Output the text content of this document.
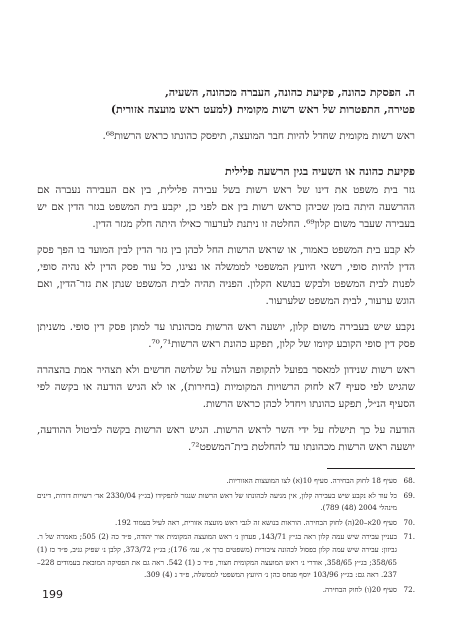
ה. הפסקת כהונה, פקיעת כהונה, העברה מכהונה, השעיה,
פטירה, התפטרות של ראש רשות מקומית (למעט ראש מועצה אזורית)

ראש רשות מקומית שחדל להיות חבר המועצה, תיפסק כהונתו כראש הרשות⁶⁸.

פקיעת כהונה או השעיה בגין הרשעה פלילית

גזר בית משפט את דינו של ראש רשות בשל עבירה פלילית, בין אם העבירה נעברה אם ההרשעה היתה בזמן שכיהן כראש רשות בין אם לפני כן, יקבע בית המשפט בגזר הדין אם יש בעבירה שעבר משום קלון⁶⁹. החלטה זו ניתנת לערעור כאילו היתה חלק מגזר הדין.

לא קבע בית המשפט כאמור, או שראש הרשות החל לכהן בין גזר הדין לבין המועד בו הפך פסק הדין להיות סופי, רשאי היועץ המשפטי לממשלה או נציגו, כל עוד פסק הדין לא נהיה סופי, לפנות לבית המשפט ולבקש בנושא הקלון. הפניה תהיה לבית המשפט שנתן את גזר־הדין, ואם הוגש ערעור, לבית המשפט שלערעור.

נקבע שיש בעבירה משום קלון, יושעה ראש הרשות מכהונתו עד למתן פסק דין סופי. משניתן פסק דין סופי הקובע קיומו של קלון, תפקע כהונת ראש הרשות⁷⁰,⁷¹.

ראש רשות שנידון למאסר בפועל לתקופה העולה על שלושה חדשים ולא תצהיר אמת בהצהרה שהגיש לפי סעיף 7א לחוק הרשויות המקומיות (בחירות), או לא הגיש הודעה או בקשה לפי הסעיף הנ״ל, תפקע כהונתו ויחדל לכהן כראש הרשות.

הודעה על כך תישלח על ידי השר לראש הרשות. הגיש ראש הרשות בקשה לביטול ההודעה, יושעה ראש הרשות מכהונתו עד להחלטת בית־המשפט⁷².

.68
סעיף 18 לחוק הבחירה. סעיף 10(א) לצו המועצות האזוריות.
.69
כל עוד לא נקבע שיש בעבירה קלון, אין מניעה לכהונתו של ראש הרשות שנגזר לתפקידו (בג״ץ 2330/04 אד׳ רשויות דורות, דינים מינהלי 2004 (48) 789).
.70
סעיף 20א–20(ה) לחוק הבחירה. הוראות בנושא זה לגבי ראש מועצה אזורית, ראה לעיל בעמוד 192.
.71
בעניין עבירה שיש עמה קלון ראה בג״ץ 143/71, פעדון נ׳ ראש המועצה המקומית אור יהודה, פ״ד כה (2) 505; מאמרה של ר. גביזון: עבירה שיש עמה קלון כפסול לכהונה ציבורית (משפטים כרך א׳, עמ׳ 176); בג״ץ 373/72, קלבן נ׳ שפיק גניב, פ״ד כז (1) 358/65; בג״ץ 358/65, אודרי נ׳ ראש המועצה המקומית חצור, פ״ד כ (1) 542. ראה גם את הפסיקה המובאת בעמודים 228–237. ראה גם: בג״ץ 103/96 יוסף פנחס כהן נ׳ היועץ המשפטי לממשלה, פ״ד נ (4) 309.
.72
סעיף 20(ו) לחוק הבחירה.
199
